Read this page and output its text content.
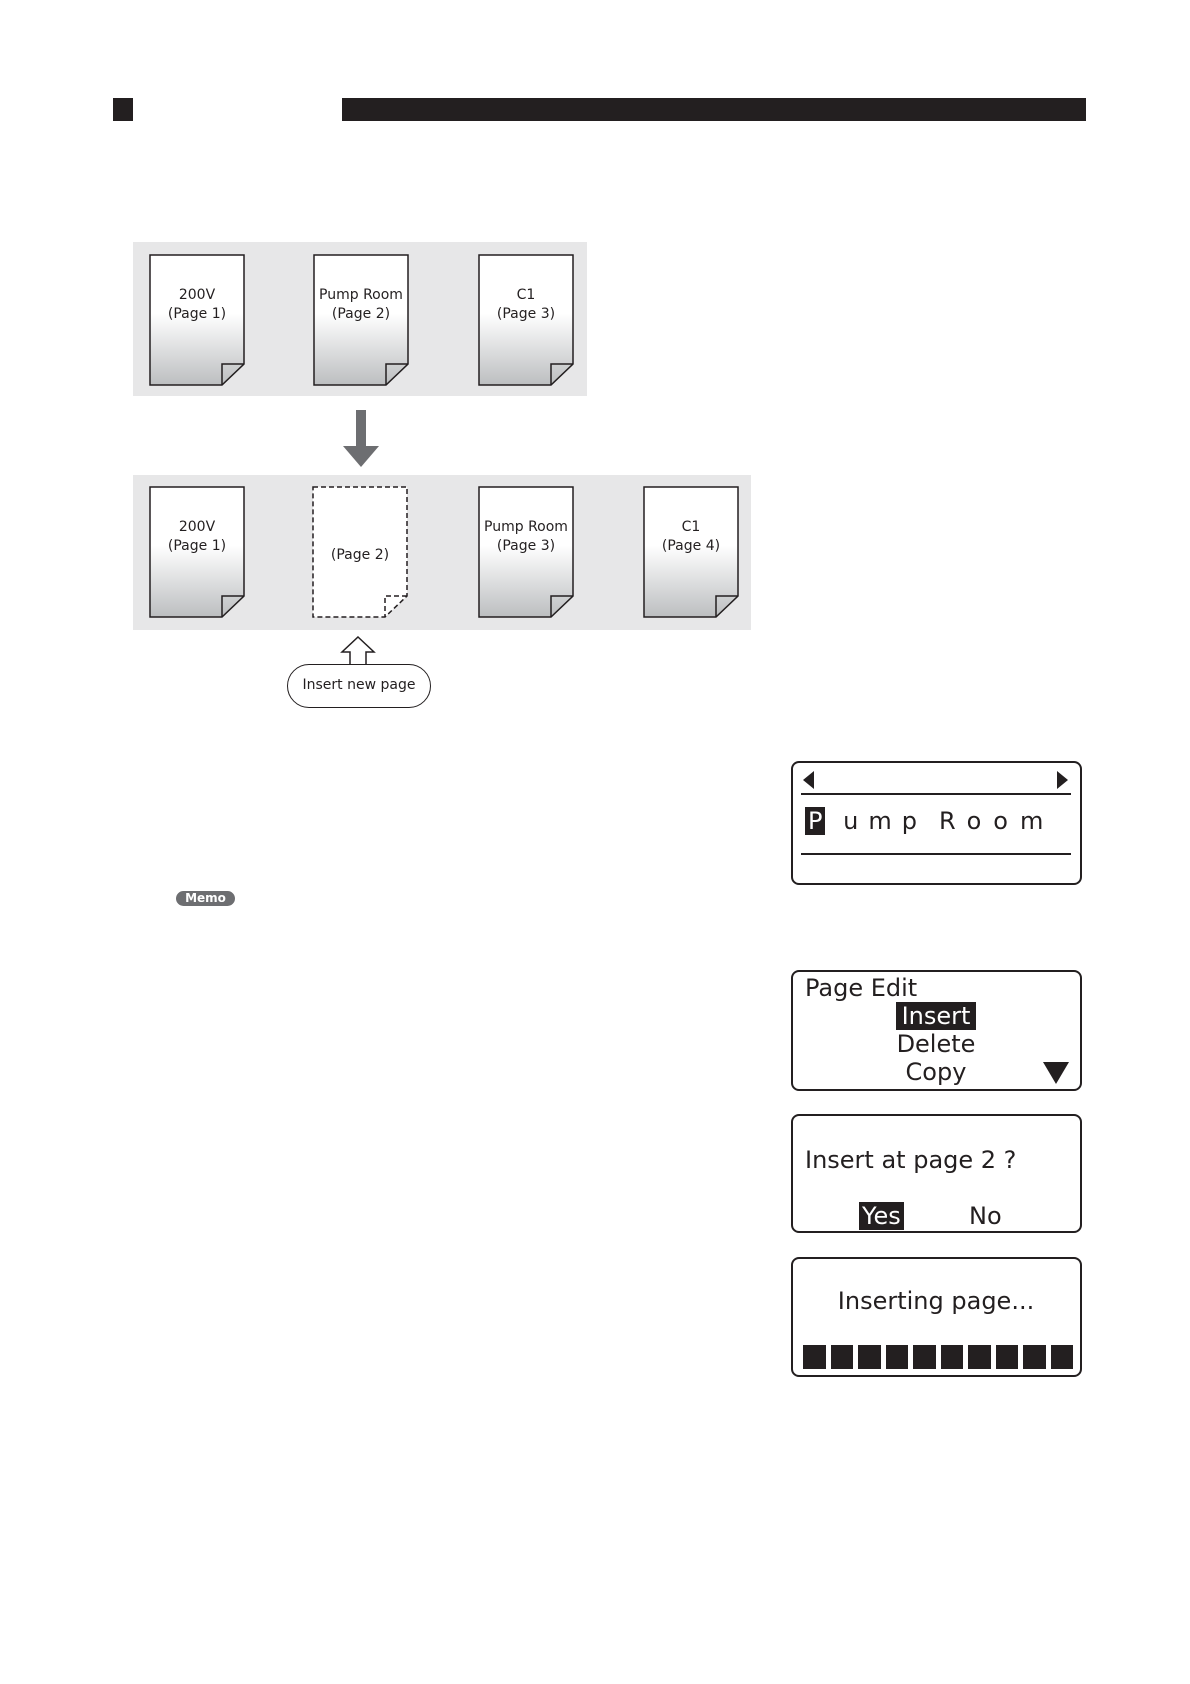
200V
(Page 1)
Pump Room
(Page 2)
C1
(Page 3)
200V
(Page 1)
(Page 2)
Pump Room
(Page 3)
C1
(Page 4)
Insert new page
Memo
P ump Room
Page Edit
Insert
Delete
Copy
Insert at page 2 ?
Yes	No
Inserting page...
